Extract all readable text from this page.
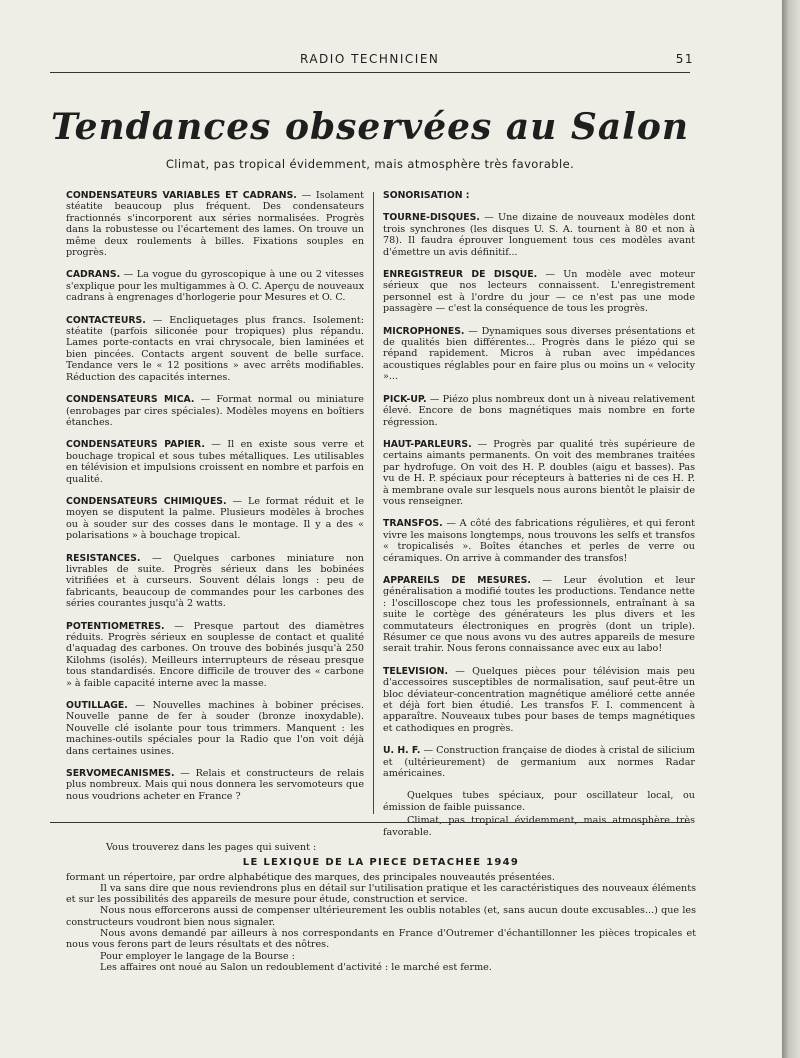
RADIO TECHNICIEN	51
Tendances observées au Salon
Climat, pas tropical évidemment, mais atmosphère très favorable.

CONDENSATEURS VARIABLES ET CADRANS. — Isolament stéatite beaucoup plus fréquent. Des condensateurs fractionnés s'incorporent aux séries normalisées. Progrès dans la robustesse ou l'écartement des lames. On trouve un même deux roulements à billes. Fixations souples en progrès.

CADRANS. — La vogue du gyroscopique à une ou 2 vitesses s'explique pour les multigammes à O. C. Aperçu de nouveaux cadrans à engrenages d'horlogerie pour Mesures et O. C.

CONTACTEURS. — Encliquetages plus francs. Isolement: stéatite (parfois siliconée pour tropiques) plus répandu. Lames porte-contacts en vrai chrysocale, bien laminées et bien pincées. Contacts argent souvent de belle surface. Tendance vers le « 12 positions » avec arrêts modifiables. Réduction des capacités internes.

CONDENSATEURS MICA. — Format normal ou miniature (enrobages par cires spéciales). Modèles moyens en boîtiers étanches.

CONDENSATEURS PAPIER. — Il en existe sous verre et bouchage tropical et sous tubes métalliques. Les utilisables en télévision et impulsions croissent en nombre et parfois en qualité.

CONDENSATEURS CHIMIQUES. — Le format réduit et le moyen se disputent la palme. Plusieurs modèles à broches ou à souder sur des cosses dans le montage. Il y a des « polarisations » à bouchage tropical.

RESISTANCES. — Quelques carbones miniature non livrables de suite. Progrès sérieux dans les bobinées vitrifiées et à curseurs. Souvent délais longs : peu de fabricants, beaucoup de commandes pour les carbones des séries courantes jusqu'à 2 watts.

POTENTIOMETRES. — Presque partout des diamètres réduits. Progrès sérieux en souplesse de contact et qualité d'aquadag des carbones. On trouve des bobinés jusqu'à 250 Kilohms (isolés). Meilleurs interrupteurs de réseau presque tous standardisés. Encore difficile de trouver des « carbone » à faible capacité interne avec la masse.

OUTILLAGE. — Nouvelles machines à bobiner précises. Nouvelle panne de fer à souder (bronze inoxydable). Nouvelle clé isolante pour tous trimmers. Manquent : les machines-outils spéciales pour la Radio que l'on voit déjà dans certaines usines.

SERVOMECANISMES. — Relais et constructeurs de relais plus nombreux. Mais qui nous donnera les servomoteurs que nous voudrions acheter en France ?

SONORISATION :

TOURNE-DISQUES. — Une dizaine de nouveaux modèles dont trois synchrones (les disques U. S. A. tournent à 80 et non à 78). Il faudra éprouver longuement tous ces modèles avant d'émettre un avis définitif...

ENREGISTREUR DE DISQUE. — Un modèle avec moteur sérieux que nos lecteurs connaissent. L'enregistrement personnel est à l'ordre du jour — ce n'est pas une mode passagère — c'est la conséquence de tous les progrès.

MICROPHONES. — Dynamiques sous diverses présentations et de qualités bien différentes... Progrès dans le piézo qui se répand rapidement. Micros à ruban avec impédances acoustiques réglables pour en faire plus ou moins un « velocity »...

PICK-UP. — Piézo plus nombreux dont un à niveau relativement élevé. Encore de bons magnétiques mais nombre en forte régression.

HAUT-PARLEURS. — Progrès par qualité très supérieure de certains aimants permanents. On voit des membranes traitées par hydrofuge. On voit des H. P. doubles (aigu et basses). Pas vu de H. P. spéciaux pour récepteurs à batteries ni de ces H. P. à membrane ovale sur lesquels nous aurons bientôt le plaisir de vous renseigner.

TRANSFOS. — A côté des fabrications régulières, et qui feront vivre les maisons longtemps, nous trouvons les selfs et transfos « tropicalisés ». Boîtes étanches et perles de verre ou céramiques. On arrive à commander des transfos!

APPAREILS DE MESURES. — Leur évolution et leur généralisation a modifié toutes les productions. Tendance nette : l'oscilloscope chez tous les professionnels, entraînant à sa suite le cortège des générateurs les plus divers et les commutateurs électroniques en progrès (dont un triple). Résumer ce que nous avons vu des autres appareils de mesure serait trahir. Nous ferons connaissance avec eux au labo!

TELEVISION. — Quelques pièces pour télévision mais peu d'accessoires susceptibles de normalisation, sauf peut-être un bloc déviateur-concentration magnétique amélioré cette année et déjà fort bien étudié. Les transfos F. I. commencent à apparaître. Nouveaux tubes pour bases de temps magnétiques et cathodiques en progrès.

U. H. F. — Construction française de diodes à cristal de silicium et (ultérieurement) de germanium aux normes Radar américaines.

Quelques tubes spéciaux, pour oscillateur local, ou émission de faible puissance.

Climat, pas tropical évidemment, mais atmosphère très favorable.

Vous trouverez dans les pages qui suivent :
LE LEXIQUE DE LA PIECE DETACHEE 1949

formant un répertoire, par ordre alphabétique des marques, des principales nouveautés présentées.

Il va sans dire que nous reviendrons plus en détail sur l'utilisation pratique et les caractéristiques des nouveaux éléments et sur les possibilités des appareils de mesure pour étude, construction et service.

Nous nous efforcerons aussi de compenser ultérieurement les oublis notables (et, sans aucun doute excusables...) que les constructeurs voudront bien nous signaler.

Nous avons demandé par ailleurs à nos correspondants en France d'Outremer d'échantillonner les pièces tropicales et nous vous ferons part de leurs résultats et des nôtres.

Pour employer le langage de la Bourse :

Les affaires ont noué au Salon un redoublement d'activité : le marché est ferme.
